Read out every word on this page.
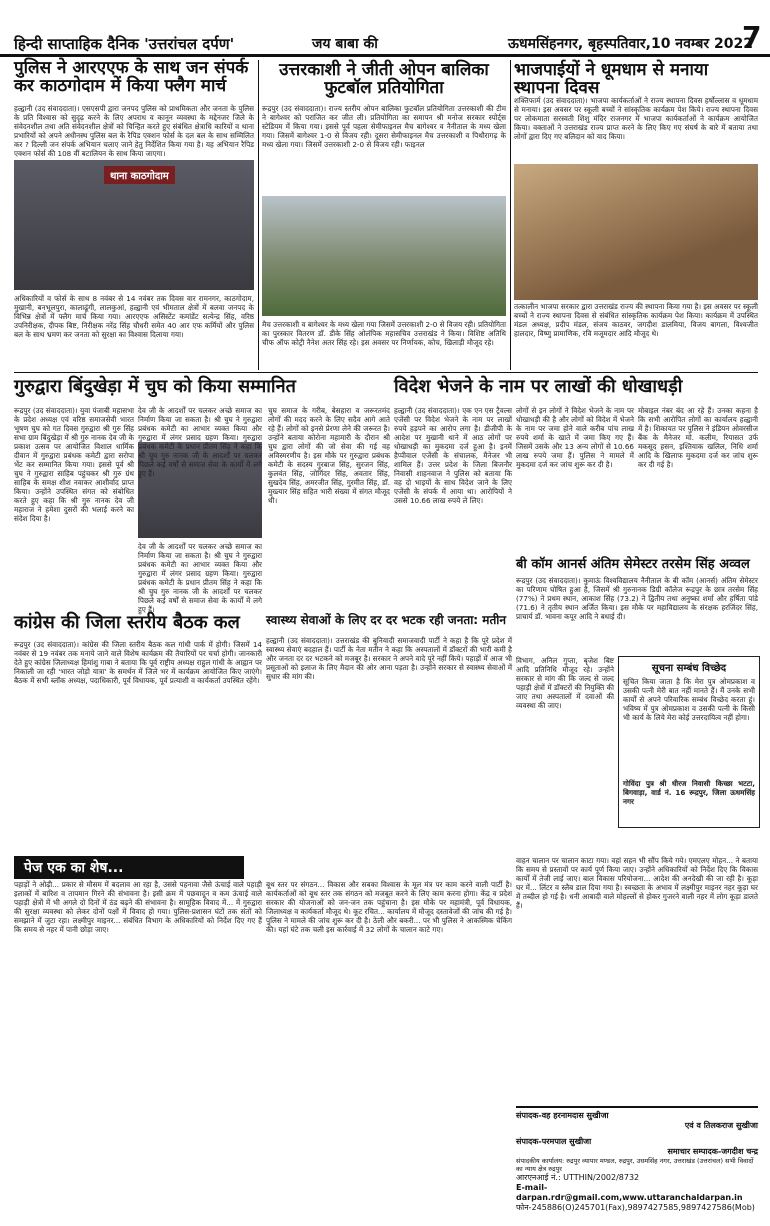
हिन्दी साप्ताहिक दैनिक 'उत्तरांचल दर्पण'	जय बाबा की	ऊधमसिंहनगर, बृहस्पतिवार,10 नवम्बर 2022
7
पुलिस ने आरएएफ के साथ जन संपर्क कर काठगोदाम में किया फ्लैग मार्च
हल्द्वानी (उद संवाददाता)। एसएसपी द्वारा जनपद पुलिस को प्राथमिकता और जनता के पुलिस के प्रति विश्वास को सुदृढ़ करने के लिए अपराध व कानून व्यवस्था के मद्देनजर जिले के संवेदनशील तथा अति संवेदनशील क्षेत्रों को चिन्हित करते हुए संबंधित क्षेत्राधि कारियों व थाना प्रभारियों को अपने अधीनस्थ पुलिस बल के रैपिड एक्शन फोर्स के दल बल के साथ सम्मिलित कर ? दिल्ली जन संपर्क अभियान चलाए जाने हेतु निर्देशित किया गया है। यह अभियान रैपिड एक्शन फोर्स की 108 वीं बटालियन के साथ किया जाएगा।
थाना काठगोदाम
अधिकारियों व फोर्स के साथ 8 नवंबर से 14 नवंबर तक दिवस वार रामनगर, काठगोदाम, मुखानी, बनभूलपुरा, कालाढूंगी, लालकुआं, हल्द्वानी एवं भीमताल क्षेत्रों में बलवा जनपद के विभिन्न क्षेत्रों में फ्लैग मार्च किया गया। आरएएफ असिस्टेंट कमांडेंट सत्येन्द्र सिंह, वरिष्ठ उपनिरीक्षक, दीपक बिष्ट, निरीक्षक नरेंद्र सिंह चौधरी समेत 40 आर एफ कर्मियों और पुलिस बल के साथ भ्रमण कर जनता को सुरक्षा का विश्वास दिलाया गया।
उत्तरकाशी ने जीती ओपन बालिका फुटबॉल प्रतियोगिता
रूद्रपुर (उद संवाददाता)। राज्य स्तरीय ओपन बालिका फुटबॉल प्रतियोगिता उत्तरकाशी की टीम ने बागेश्वर को पराजित कर जीत ली। प्रतियोगिता का समापन श्री मनोज सरकार स्पोर्ट्स स्टेडियम में किया गया। इससे पूर्व पहला सेमीफाइनल मैच बागेश्वर व नैनीताल के मध्य खेला गया। जिसमें बागेश्वर 1-0 से विजय रही। दूसरा सेमीफाइनल मैच उत्तरकाशी व पिथौरागढ़ के मध्य खेला गया। जिसमें उत्तरकाशी 2-0 से विजय रही। फाइनल
मैच उत्तरकाशी व बागेश्वर के मध्य खेला गया जिसमें उत्तरकाशी 2-0 से विजय रही। प्रतियोगिता का पुरस्कार वितरण डॉ. डीके सिंह ओलंपिक महासचिव उत्तराखंड ने किया। विशिष्ट अतिथि चीफ ऑफ कोट्री नैनेश अतर सिंह रहे। इस अवसर पर निर्णायक, कोच, खिलाड़ी मौजूद रहे।
भाजपाईयों ने धूमधाम से मनाया स्थापना दिवस
शक्तिफार्म (उद संवाददाता)। भाजपा कार्यकर्ताओं ने राज्य स्थापना दिवस हर्षोल्लास व धूमधाम से मनाया। इस अवसर पर स्कूली बच्चों ने सांस्कृतिक कार्यक्रम पेश किये। राज्य स्थापना दिवस पर लोकमाता सरस्वती शिशु मंदिर राजनगर में भाजपा कार्यकर्ताओं ने कार्यक्रम आयोजित किया। वक्ताओं ने उत्तराखंड राज्य प्राप्त करने के लिए किए गए संघर्ष के बारे में बताया तथा लोगों द्वारा दिए गए बलिदान को याद किया।
तत्कालीन भाजपा सरकार द्वारा उत्तराखंड राज्य की स्थापना किया गया है। इस अवसर पर स्कूली बच्चों ने राज्य स्थापना दिवस से संबंधित सांस्कृतिक कार्यक्रम पेश किया। कार्यक्रम में उपस्थित मंडल अध्यक्ष, प्रदीप मंडल, संजय काठवर, जगदीश डालमिया, विजय बागला, विश्वजीत हालदार, विष्णु प्रामाणिक, रवि मजूमदार आदि मौजूद थे।
गुरुद्वारा बिंदुखेड़ा में चुघ को किया सम्मानित
रूद्रपुर (उद संवाददाता)। युवा पंजाबी महासभा के प्रदेश अध्यक्ष एवं वरिष्ठ समाजसेवी भारत भूषण चुघ को गत दिवस गुरुद्वारा श्री गुरु सिंह सभा ग्राम बिंदुखेड़ा में श्री गुरु नानक देव जी के प्रकाश उत्सव पर आयोजित विशाल धार्मिक दीवान में गुरुद्वारा प्रबंधक कमेटी द्वारा सरोपा भेंट कर सम्मानित किया गया। इससे पूर्व श्री चुघ ने गुरुद्वारा साहिब पहुंचकर श्री गुरु ग्रंथ साहिब के समक्ष शीश नवाकर आशीर्वाद प्राप्त किया। उन्होंने उपस्थित संगत को संबोधित करते हुए कहा कि श्री गुरु नानक देव जी महाराज ने हमेशा दुसरों की भलाई करने का संदेश दिया है।
देव जी के आदर्शों पर चलकर अच्छे समाज का निर्माण किया जा सकता है। श्री चुघ ने गुरुद्वारा प्रबंधक कमेटी का आभार व्यक्त किया और गुरुद्वारा में लंगर प्रसाद ग्रहण किया। गुरुद्वारा प्रबंधक कमेटी के प्रधान प्रीतम सिंह ने कहा कि श्री चुघ गुरु नानक जी के आदर्शों पर चलकर पिछले कई वर्षों से समाज सेवा के कार्यों में लगे हुए हैं।
देव जी के आदर्शों पर चलकर अच्छे समाज का निर्माण किया जा सकता है। श्री चुघ ने गुरुद्वारा प्रबंधक कमेटी का आभार व्यक्त किया और गुरुद्वारा में लंगर प्रसाद ग्रहण किया। गुरुद्वारा प्रबंधक कमेटी के प्रधान प्रीतम सिंह ने कहा कि श्री चुघ गुरु नानक जी के आदर्शों पर चलकर पिछले कई वर्षों से समाज सेवा के कार्यों में लगे हुए हैं।
चुघ समाज के गरीब, बेसहारा व जरूरतमंद लोगों की मदद करने के लिए सदैव आगे आते रहे हैं। लोगों को इनसे प्रेरणा लेने की जरूरत है। उन्होंने बताया कोरोना महामारी के दौरान श्री चुघ द्वारा लोगों की जो सेवा की गई वह अविस्मरणीय है। इस मौके पर गुरुद्वारा प्रबंधक कमेटी के सदस्य गुरबाज सिंह, सुरजन सिंह, कुलवंत सिंह, जोगिंदर सिंह, अवतार सिंह, सुखदेव सिंह, अमरजीत सिंह, गुरमीत सिंह, डॉ. मुख्त्यार सिंह सहित भारी संख्या में संगत मौजूद थी।
विदेश भेजने के नाम पर लाखों की धोखाधड़ी
हल्द्वानी (उद संवाददाता)। एक एन एस ट्रैवल्स एजेंसी पर विदेश भेजने के नाम पर लाखों रुपये हड़पने का आरोप लगा है। डीजीपी के आदेश पर मुखानी थाने में आठ लोगों पर धोखाधड़ी का मुकदमा दर्ज हुआ है। इनमें हैप्पीवाल एजेंसी के संचालक, मैनेजर भी शामिल हैं। उत्तर प्रदेश के जिला बिजनौर निवासी शाहनवाज ने पुलिस को बताया कि वह दो भाइयों के साथ विदेश जाने के लिए एजेंसी के संपर्क में आया था। आरोपियों ने उससे 10.66 लाख रुपये ले लिए।
लोगों से इन लोगों ने विदेश भेजने के नाम पर धोखाधड़ी की है और लोगों को विदेश में भेजने के नाम पर जमा होने वाले करीब पांच लाख रुपये शर्मा के खाते में जमा किए गए हैं। जिसमें उसके और 13 अन्य लोगों से 10.66 लाख रुपये जमा हैं। पुलिस ने मामले में मुकदमा दर्ज कर जांच शुरू कर दी है।
मोबाइल नंबर बंद आ रहे हैं। उनका कहना है कि सभी आरोपित लोगों का कार्यालय हल्द्वानी में है। शिकायत पर पुलिस ने इंडियन ओवरसीज बैंक के मैनेजर मो. कलीम, रियासत उर्फ मकसूद हसन, इश्तियाक खलिल, निधि शर्मा आदि के खिलाफ मुकदमा दर्ज कर जांच शुरू कर दी गई है।
बी कॉम आनर्स अंतिम सेमेस्टर तरसेम सिंह अव्वल
रूद्रपुर (उद संवाददाता)। कुमाऊं विश्वविद्यालय नैनीताल के बी कॉम (आनर्स) अंतिम सेमेस्टर का परिणाम घोषित हुआ है, जिसमें श्री गुरुनानक डिग्री कॉलेज रूद्रपुर के छात्र तरसेम सिंह (77%) ने प्रथम स्थान, आकाश सिंह (73.2) ने द्वितीय तथा अनुष्का शर्मा और हर्षिता पांडे (71.6) ने तृतीय स्थान अर्जित किया। इस मौके पर महाविद्यालय के संरक्षक हरजिंदर सिंह, प्राचार्य डॉ. भावना कपूर आदि ने बधाई दी।
कांग्रेस की जिला स्तरीय बैठक कल
रूद्रपुर (उद संवाददाता)। कांग्रेस की जिला स्तरीय बैठक कल गांधी पार्क में होगी। जिसमें 14 नवंबर से 19 नवंबर तक मनाये जाने वाले विशेष कार्यक्रम की तैयारियों पर चर्चा होगी। जानकारी देते हुए कांग्रेस जिलाध्यक्ष हिमांशु गाबा ने बताया कि पूर्व राष्ट्रीय अध्यक्ष राहुल गांधी के आह्वान पर निकाली जा रही 'भारत जोड़ो यात्रा' के समर्थन में जिले भर में कार्यक्रम आयोजित किए जाएंगे। बैठक में सभी ब्लॉक अध्यक्ष, पदाधिकारी, पूर्व विधायक, पूर्व प्रत्याशी व कार्यकर्ता उपस्थित रहेंगे।
स्वास्थ्य सेवाओं के लिए दर दर भटक रही जनता: मतीन
हल्द्वानी (उद संवाददाता)। उत्तराखंड की बुनियादी समाजवादी पार्टी ने कहा है कि पूरे प्रदेश में स्वास्थ्य सेवाएं बदहाल हैं। पार्टी के नेता मतीन ने कहा कि अस्पतालों में डॉक्टरों की भारी कमी है और जनता दर दर भटकने को मजबूर है। सरकार ने अपने वादे पूरे नहीं किये। पहाड़ों में आज भी प्रसूताओं को इलाज के लिए मैदान की ओर आना पड़ता है। उन्होंने सरकार से स्वास्थ्य सेवाओं में सुधार की मांग की।
सूचना सम्बंध विच्छेद
सूचित किया जाता है कि मेरा पुत्र ओमप्रकाश व उसकी पत्नी मेरी बात नहीं मानते हैं। मैं उनके सभी कार्यों से अपने परिवारिक सम्बंध विच्छेद करता हूं। भविष्य में पुत्र ओमप्रकाश व उसकी पत्नी के किसी भी कार्य के लिये मेरा कोई उत्तरदायित्व नहीं होगा।
गोविंदा पुत्र श्री धीरज निवासी किच्छा भटटा, बिगवाड़ा, वार्ड नं. 16 रूद्रपुर, जिला ऊधमसिंह नगर
विभाग, अनिल गुप्ता, बृजेश बिष्ट आदि प्रतिनिधि मौजूद रहे। उन्होंने सरकार से मांग की कि जल्द से जल्द पहाड़ी क्षेत्रों में डॉक्टरों की नियुक्ति की जाए तथा अस्पतालों में दवाओं की व्यवस्था की जाए।
पेज एक का शेष...
पहाड़ों ने ओढ़ी... प्रकार से मौसम में बदलाव आ रहा है, उससे पहनावा जैसे ऊंचाई वाले पहाड़ी इलाकों में बारिश व तापमान गिरने की संभावना है। इसी क्रम में पछवादून व कम ऊंचाई वाले पहाड़ी क्षेत्रों में भी अगले दो दिनों में ठंड बढ़ने की संभावना है। सामूहिक विवाद में... में गुरुद्वारा की सुरक्षा व्यवस्था को लेकर दोनों पक्षों में विवाद हो गया। पुलिस-प्रशासन घंटों तक संतों को समझाने में जुटा रहा। लक्ष्मीपुर माइनर... संबंधित विभाग के अधिकारियों को निर्देश दिए गए हैं कि समय से नहर में पानी छोड़ा जाए।
बूथ स्तर पर संगठन... विकास और सबका विश्वास के मूल मंत्र पर काम करने वाली पार्टी है। कार्यकर्ताओं को बूथ स्तर तक संगठन को मजबूत करने के लिए काम करना होगा। केंद्र व प्रदेश सरकार की योजनाओं को जन-जन तक पहुंचाना है। इस मौके पर महामंत्री, पूर्व विधायक, जिलाध्यक्ष व कार्यकर्ता मौजूद थे। कूट रचित... कार्यालय में मौजूद दस्तावेजों की जांच की गई है। पुलिस ने मामले की जांच शुरू कर दी है। ठेली और बकरी... पर भी पुलिस ने आकस्मिक चेकिंग की। यहां घंटे तक चली इस कार्रवाई में 32 लोगों के चालान काटे गए।
वाहन चालान पर चालान काटा गया। वहां सहन भी सौंप किये गये। एमएलए मोहन... ने बताया कि समय से प्रस्तावों पर कार्य पूर्ण किया जाए। उन्होंने अधिकारियों को निर्देश दिए कि विकास कार्यों में तेजी लाई जाए। बाल विकास परियोजना... आदेश की अनदेखी की जा रही है। कूड़ा घर में... लिंटर व स्लैब डाल दिया गया है। स्वच्छता के अभाव में लक्ष्मीपुर माइनर नहर कूड़ा घर में तब्दील हो गई है। धनी आबादी वाले मोहल्लों से होकर गुजरने वाली नहर में लोग कूड़ा डालते हैं।
संपादक-वह हरनामदास सुखीजा
एवं व तिलकराज सुखीजा
संपादक-परमपाल सुखीजा
समाचार सम्पादक-जगदीश चन्द्र
संपादकीय कार्यालय: रुद्रपुर व्यापार मण्डल, रुद्रपुर, उधमसिंह नगर, उत्तराखंड (उत्तरांचल) सभी विवादों का न्याय क्षेत्र रुद्रपुर
आरएनआई नं.: UTTHIN/2002/8732
E-mail-darpan.rdr@gmail.com,www.uttaranchaldarpan.in
फोन-245886(O)245701(Fax),9897427585,9897427586(Mob)
